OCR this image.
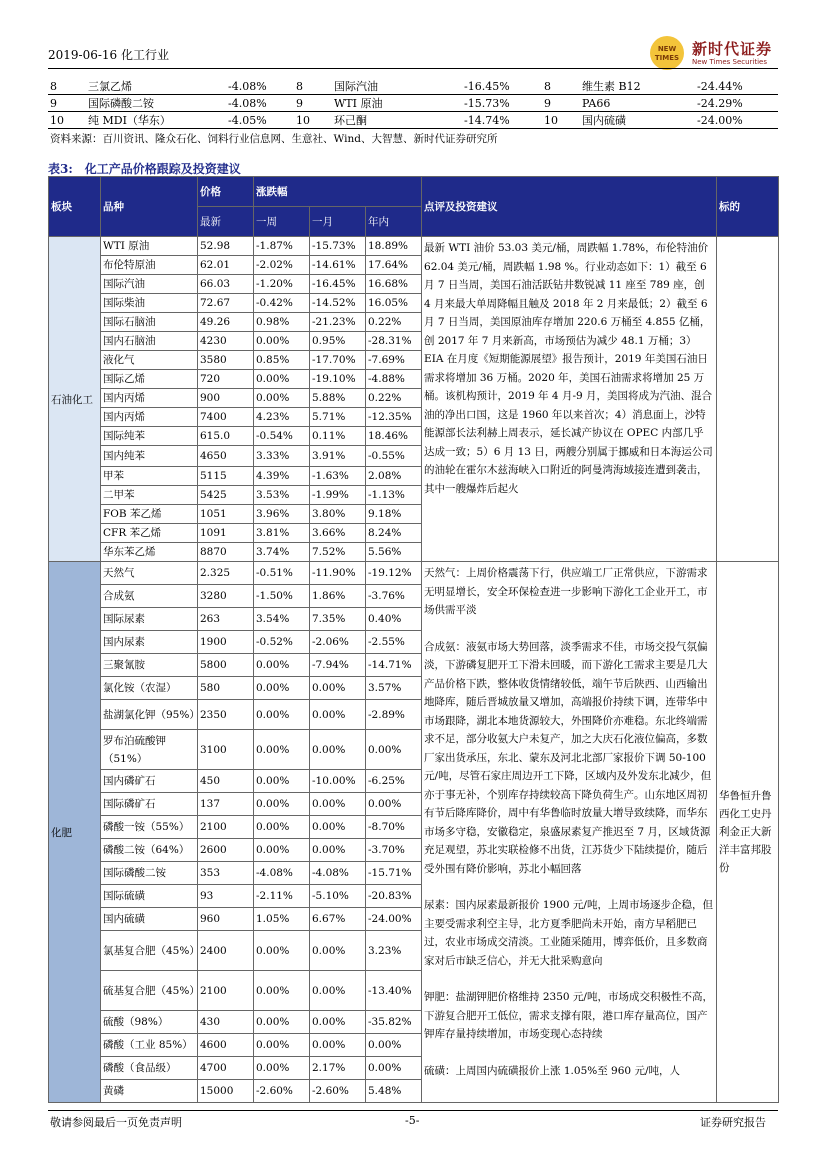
2019-06-16 化工行业	NEW TIMES 新时代证券
New Times Securities
8	三氯乙烯	-4.08%	8	国际汽油	-16.45%	8	维生素 B12	-24.44%
9	国际磷酸二铵	-4.08%	9	WTI 原油	-15.73%	9	PA66	-24.29%
10	纯 MDI（华东）	-4.05%	10	环己酮	-14.74%	10	国内硫磺	-24.00%
资料来源：百川资讯、隆众石化、饲料行业信息网、生意社、Wind、大智慧、新时代证券研究所
表3: 化工产品价格跟踪及投资建议
板块	品种	价格	涨跌幅			点评及投资建议	标的
		最新	一周	一月	年内		
石油化工	WTI 原油	52.98	-1.87%	-15.73%	18.89%	最新 WTI 油价 53.03 美元/桶，周跌幅 1.78%，布伦特油价 62.04 美元/桶，周跌幅 1.98 %。行业动态如下：1）截至 6 月 7 日当周，美国石油活跃钻井数锐减 11 座至 789 座，创 4 月来最大单周降幅且触及 2018 年 2 月来最低；2）截至 6 月 7 日当周，美国原油库存增加 220.6 万桶至 4.855 亿桶，创 2017 年 7 月来新高，市场预估为减少 48.1 万桶；3）EIA 在月度《短期能源展望》报告预计，2019 年美国石油日需求将增加 36 万桶。2020 年，美国石油需求将增加 25 万桶。该机构预计，2019 年 4 月-9 月，美国将成为汽油、混合油的净出口国，这是 1960 年以来首次；4）消息面上，沙特能源部长法利赫上周表示，延长减产协议在 OPEC 内部几乎达成一致；5）6 月 13 日，两艘分别属于挪威和日本海运公司的油轮在霍尔木兹海峡入口附近的阿曼湾海域接连遭到袭击，其中一艘爆炸后起火	
	布伦特原油	62.01	-2.02%	-14.61%	17.64%		
	国际汽油	66.03	-1.20%	-16.45%	16.68%		
	国际柴油	72.67	-0.42%	-14.52%	16.05%		
	国际石脑油	49.26	0.98%	-21.23%	0.22%		
	国内石脑油	4230	0.00%	0.95%	-28.31%		
	液化气	3580	0.85%	-17.70%	-7.69%		
	国际乙烯	720	0.00%	-19.10%	-4.88%		
	国内丙烯	900	0.00%	5.88%	0.22%		
	国内丙烯	7400	4.23%	5.71%	-12.35%		
	国际纯苯	615.0	-0.54%	0.11%	18.46%		
	国内纯苯	4650	3.33%	3.91%	-0.55%		
	甲苯	5115	4.39%	-1.63%	2.08%		
	二甲苯	5425	3.53%	-1.99%	-1.13%		
	FOB 苯乙烯	1051	3.96%	3.80%	9.18%		
	CFR 苯乙烯	1091	3.81%	3.66%	8.24%		
	华东苯乙烯	8870	3.74%	7.52%	5.56%		
化肥	天然气	2.325	-0.51%	-11.90%	-19.12%	天然气：上周价格震荡下行，供应端工厂正常供应，下游需求无明显增长，安全环保检查进一步影响下游化工企业开工，市场供需平淡

合成氨：液氨市场大势回落，淡季需求不佳，市场交投气氛偏淡，下游磷复肥开工下滑未回暖，而下游化工需求主要是几大产品价格下跌，整体收货情绪较低，端午节后陕西、山西输出地降库，随后晋城放量又增加，高端报价持续下调，连带华中市场跟降，湖北本地货源较大，外围降价亦难稳。东北终端需求不足，部分收氨大户未复产，加之大庆石化液位偏高，多数厂家出货承压，东北、蒙东及河北北部厂家报价下调 50-100 元/吨，尽管石家庄周边开工下降，区域内及外发东北减少，但亦于事无补，个别库存持续较高下降负荷生产。山东地区周初有节后降库降价，周中有华鲁临时放量大增导致续降，而华东市场多守稳，安徽稳定，泉盛尿素复产推迟至 7 月，区域货源充足观望，苏北实联检修不出货，江苏货少下陆续提价，随后受外围有降价影响，苏北小幅回落

尿素：国内尿素最新报价 1900 元/吨，上周市场逐步企稳，但主要受需求利空主导，北方夏季肥尚未开始，南方早稻肥已过，农业市场成交清淡。工业随采随用，博弈低价，且多数商家对后市缺乏信心，并无大批采购意向

钾肥：盐湖钾肥价格维持 2350 元/吨，市场成交积极性不高，下游复合肥开工低位，需求支撑有限，港口库存量高位，国产钾库存量持续增加，市场变现心态持续

硫磺：上周国内硫磺报价上涨 1.05%至 960 元/吨，人	华鲁恒升鲁西化工史丹利金正大新洋丰富邦股份
	合成氨	3280	-1.50%	1.86%	-3.76%		
	国际尿素	263	3.54%	7.35%	0.40%		
	国内尿素	1900	-0.52%	-2.06%	-2.55%		
	三聚氰胺	5800	0.00%	-7.94%	-14.71%		
	氯化铵（农湿）	580	0.00%	0.00%	3.57%		
	盐湖氯化钾（95%）	2350	0.00%	0.00%	-2.89%		
	罗布泊硫酸钾（51%）	3100	0.00%	0.00%	0.00%		
	国内磷矿石	450	0.00%	-10.00%	-6.25%		
	国际磷矿石	137	0.00%	0.00%	0.00%		
	磷酸一铵（55%）	2100	0.00%	0.00%	-8.70%		
	磷酸二铵（64%）	2600	0.00%	0.00%	-3.70%		
	国际磷酸二铵	353	-4.08%	-4.08%	-15.71%		
	国际硫磺	93	-2.11%	-5.10%	-20.83%		
	国内硫磺	960	1.05%	6.67%	-24.00%		
	氯基复合肥（45%）	2400	0.00%	0.00%	3.23%		
	硫基复合肥（45%）	2100	0.00%	0.00%	-13.40%		
	硫酸（98%）	430	0.00%	0.00%	-35.82%		
	磷酸（工业 85%）	4600	0.00%	0.00%	0.00%		
	磷酸（食品级）	4700	0.00%	2.17%	0.00%		
	黄磷	15000	-2.60%	-2.60%	5.48%		
敬请参阅最后一页免责声明	-5-	证券研究报告
